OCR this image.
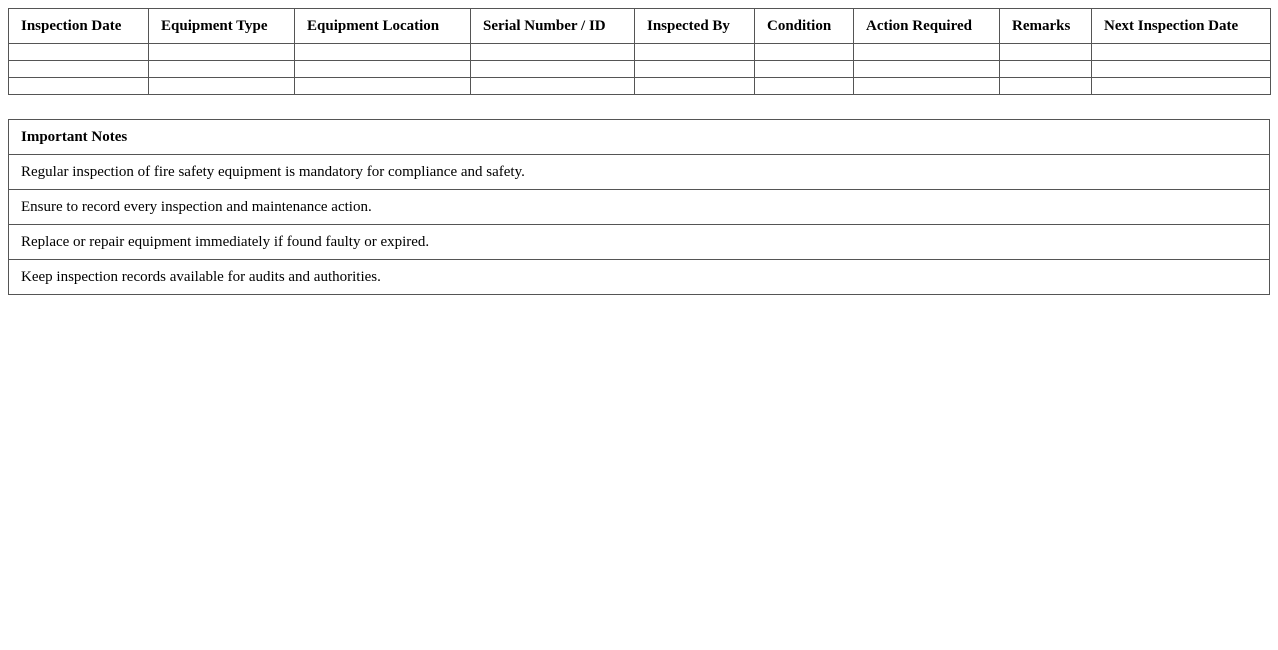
Inspection Date	Equipment Type	Equipment Location	Serial Number / ID	Inspected By	Condition	Action Required	Remarks	Next Inspection Date

Important Notes
Regular inspection of fire safety equipment is mandatory for compliance and safety.
Ensure to record every inspection and maintenance action.
Replace or repair equipment immediately if found faulty or expired.
Keep inspection records available for audits and authorities.
